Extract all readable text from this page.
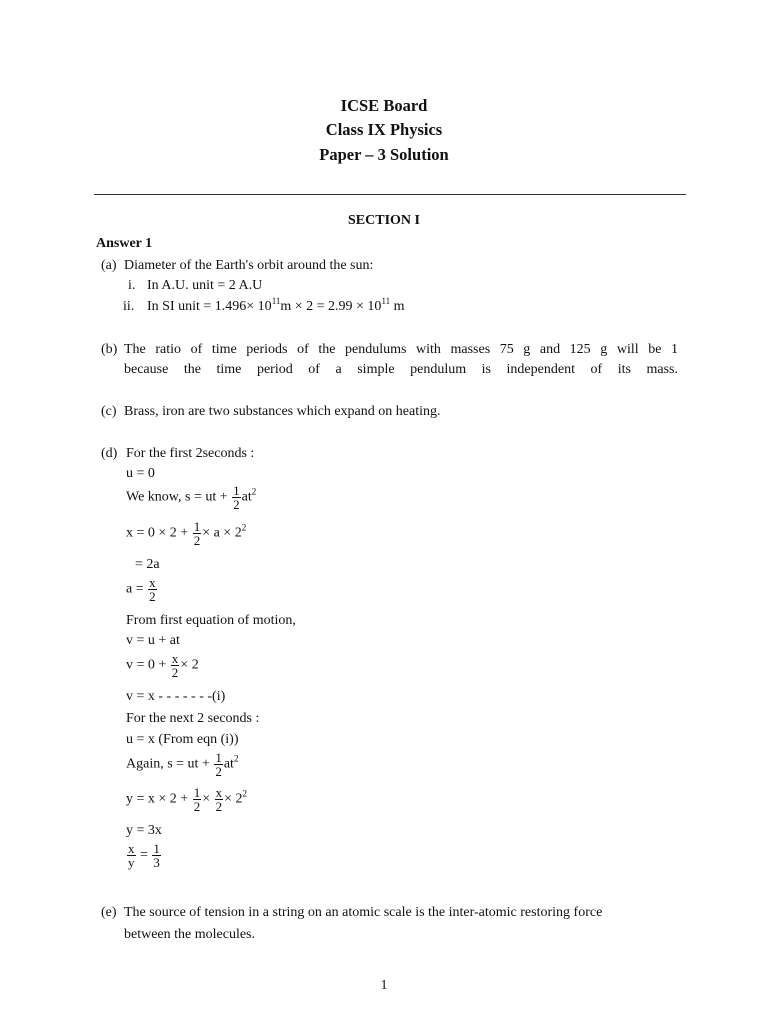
ICSE Board
Class IX Physics
Paper – 3 Solution
SECTION I
Answer 1
(a) Diameter of the Earth's orbit around the sun:
i. In A.U. unit = 2 A.U
ii. In SI unit = $1.496\times 10^{11}m \times 2 = 2.99 \times 10^{11}$ m
(b) The ratio of time periods of the pendulums with masses 75 g and 125 g will be 1
because the time period of a simple pendulum is independent of its mass.
(c) Brass, iron are two substances which expand on heating.
(d) For the first 2seconds :
u = 0
We know, s = ut + $\frac{1}{2} at^2$
$x = 0 \times 2 + \frac{1}{2} \times a \times 2^2$
= 2a
$a = \frac{x}{2}$
From first equation of motion,
v = u + at
$v = 0 + \frac{x}{2} \times 2$
v = x - - - - - - -(i)
For the next 2 seconds :
u = x (From eqn (i))
Again, s = ut + $\frac{1}{2} at^2$
$y = x \times 2 + \frac{1}{2} \times \frac{x}{2} \times 2^2$
y = 3x
$\frac{x}{y} = \frac{1}{3}$
(e) The source of tension in a string on an atomic scale is the inter-atomic restoring force
between the molecules.
1
